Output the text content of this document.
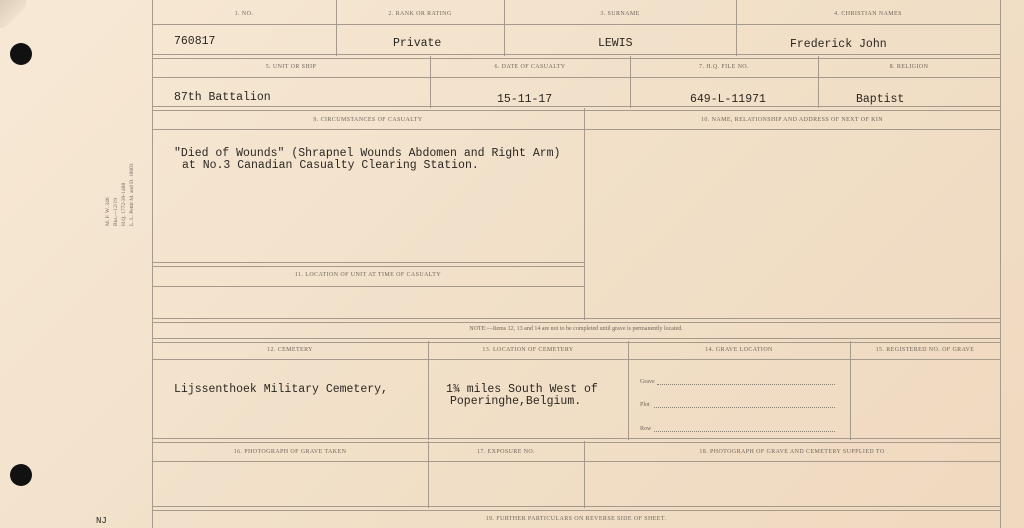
M. F. W. 346 Bks.—12/19 H.Q. 1772-39-1488 L. L. Pettit M. and D. 10003
1. NO.	2. RANK OR RATING	3. SURNAME	4. CHRISTIAN NAMES
760817	Private	LEWIS	Frederick John
5. UNIT OR SHIP	6. DATE OF CASUALTY	7. H.Q. FILE NO.	8. RELIGION
87th Battalion	15-11-17	649-L-11971	Baptist
9. CIRCUMSTANCES OF CASUALTY	10. NAME, RELATIONSHIP AND ADDRESS OF NEXT OF KIN
"Died of Wounds" (Shrapnel Wounds Abdomen and Right Arm)
at No.3 Canadian Casualty Clearing Station.
11. LOCATION OF UNIT AT TIME OF CASUALTY
NOTE:—Items 12, 13 and 14 are not to be completed until grave is permanently located.
12. CEMETERY	13. LOCATION OF CEMETERY	14. GRAVE LOCATION	15. REGISTERED NO. OF GRAVE
Lijssenthoek Military Cemetery,	1¾ miles South West of
Poperinghe,Belgium.
Grave
Plot
Row
16. PHOTOGRAPH OF GRAVE TAKEN	17. EXPOSURE NO.	18. PHOTOGRAPH OF GRAVE AND CEMETERY SUPPLIED TO
19. FURTHER PARTICULARS ON REVERSE SIDE OF SHEET.
NJ
